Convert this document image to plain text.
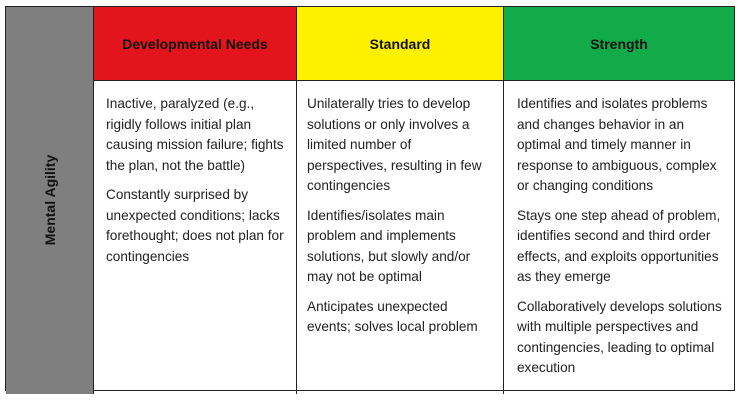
Mental Agility
Developmental Needs	Standard	Strength

Inactive, paralyzed (e.g., rigidly follows initial plan causing mission failure; fights the plan, not the battle)

Constantly surprised by unexpected conditions; lacks forethought; does not plan for contingencies

Unilaterally tries to develop solutions or only involves a limited number of perspectives, resulting in few contingencies

Identifies/isolates main problem and implements solutions, but slowly and/or may not be optimal

Anticipates unexpected events; solves local problem

Identifies and isolates problems and changes behavior in an optimal and timely manner in response to ambiguous, complex or changing conditions

Stays one step ahead of problem, identifies second and third order effects, and exploits opportunities as they emerge

Collaboratively develops solutions with multiple perspectives and contingencies, leading to optimal execution
